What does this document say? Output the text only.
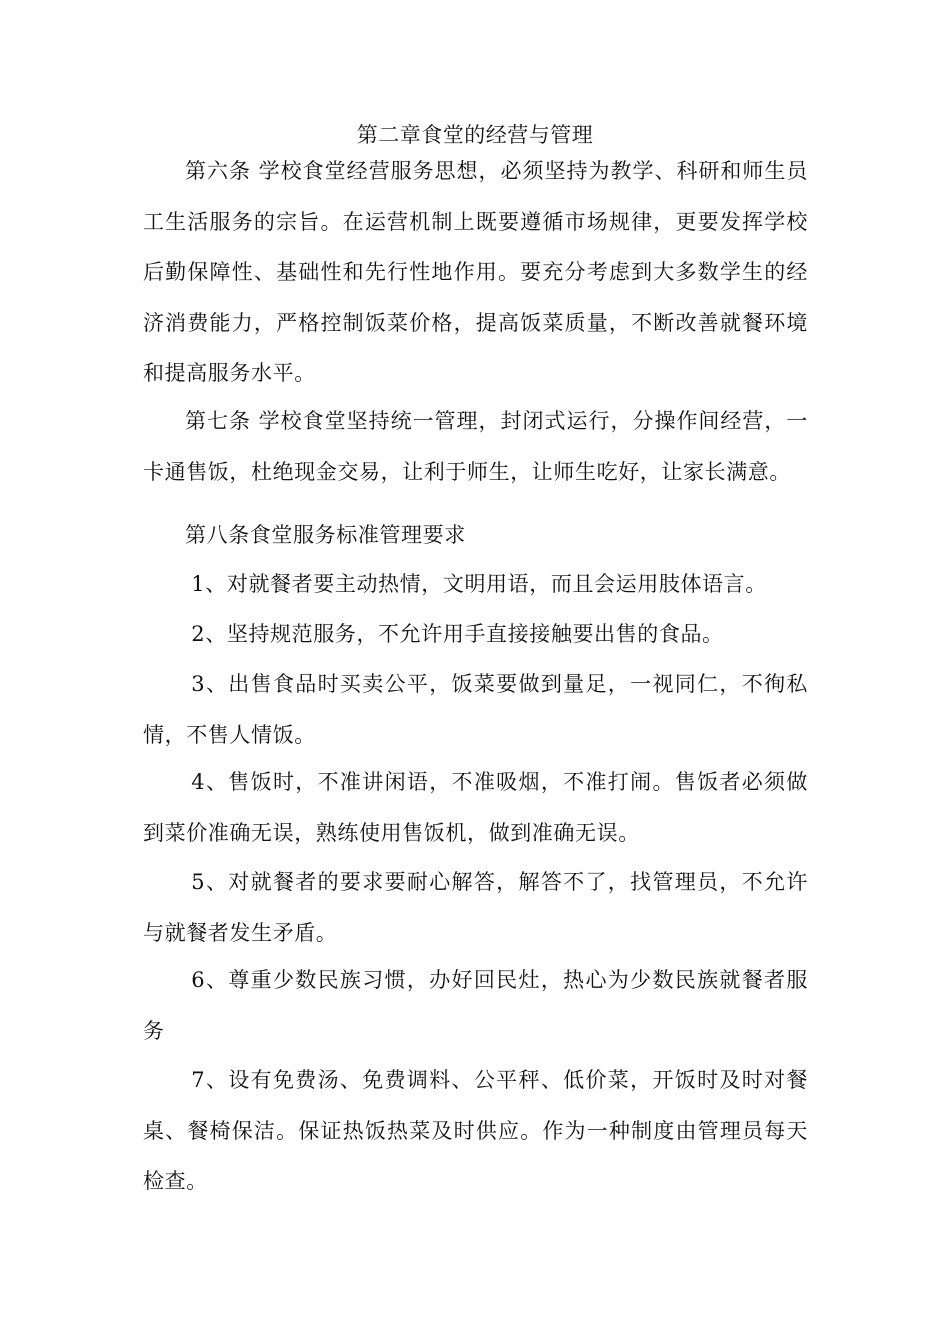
第二章食堂的经营与管理

第六条 学校食堂经营服务思想，必须坚持为教学、科研和师生员工生活服务的宗旨。在运营机制上既要遵循市场规律，更要发挥学校后勤保障性、基础性和先行性地作用。要充分考虑到大多数学生的经济消费能力，严格控制饭菜价格，提高饭菜质量，不断改善就餐环境和提高服务水平。

第七条 学校食堂坚持统一管理，封闭式运行，分操作间经营，一卡通售饭，杜绝现金交易，让利于师生，让师生吃好，让家长满意。

第八条食堂服务标准管理要求

1、对就餐者要主动热情，文明用语，而且会运用肢体语言。

2、坚持规范服务，不允许用手直接接触要出售的食品。

3、出售食品时买卖公平，饭菜要做到量足，一视同仁，不徇私情，不售人情饭。

4、售饭时，不准讲闲语，不准吸烟，不准打闹。售饭者必须做到菜价准确无误，熟练使用售饭机，做到准确无误。

5、对就餐者的要求要耐心解答，解答不了，找管理员，不允许与就餐者发生矛盾。

6、尊重少数民族习惯，办好回民灶，热心为少数民族就餐者服务

7、设有免费汤、免费调料、公平秤、低价菜，开饭时及时对餐桌、餐椅保洁。保证热饭热菜及时供应。作为一种制度由管理员每天检查。
